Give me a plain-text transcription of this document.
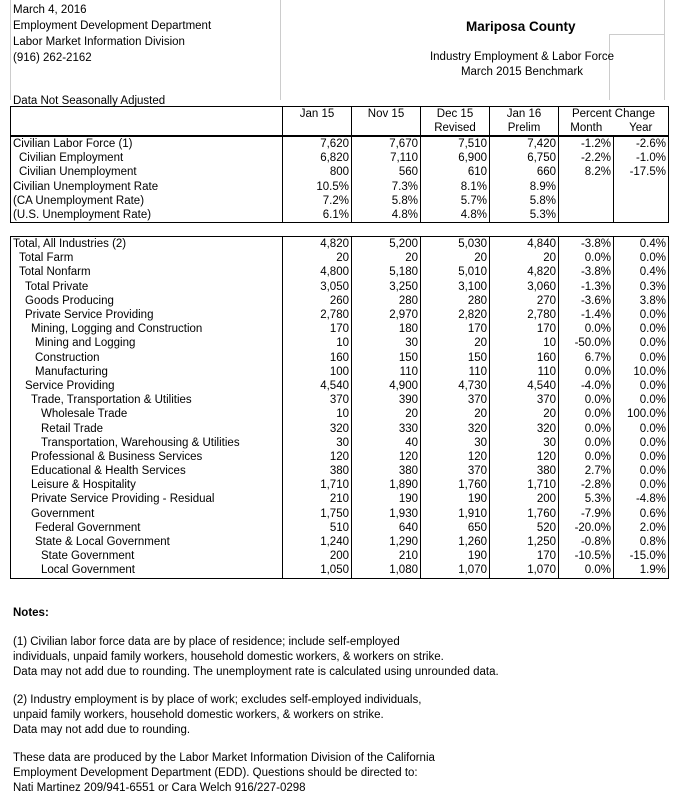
March 4, 2016
Employment Development Department
Labor Market Information Division
(916) 262-2162
Mariposa County
Industry Employment & Labor Force
March 2015 Benchmark
Data Not Seasonally Adjusted
	Jan 15	Nov 15	Dec 15	Jan 16	Percent Change	
			Revised	Prelim	Month	Year
Civilian Labor Force (1)	7,620	7,670	7,510	7,420	-1.2%	-2.6%
Civilian Employment	6,820	7,110	6,900	6,750	-2.2%	-1.0%
Civilian Unemployment	800	560	610	660	8.2%	-17.5%
Civilian Unemployment Rate	10.5%	7.3%	8.1%	8.9%		
(CA Unemployment Rate)	7.2%	5.8%	5.7%	5.8%		
(U.S. Unemployment Rate)	6.1%	4.8%	4.8%	5.3%		
Total, All Industries (2)	4,820	5,200	5,030	4,840	-3.8%	0.4%
Total Farm	20	20	20	20	0.0%	0.0%
Total Nonfarm	4,800	5,180	5,010	4,820	-3.8%	0.4%
Total Private	3,050	3,250	3,100	3,060	-1.3%	0.3%
Goods Producing	260	280	280	270	-3.6%	3.8%
Private Service Providing	2,780	2,970	2,820	2,780	-1.4%	0.0%
Mining, Logging and Construction	170	180	170	170	0.0%	0.0%
Mining and Logging	10	30	20	10	-50.0%	0.0%
Construction	160	150	150	160	6.7%	0.0%
Manufacturing	100	110	110	110	0.0%	10.0%
Service Providing	4,540	4,900	4,730	4,540	-4.0%	0.0%
Trade, Transportation & Utilities	370	390	370	370	0.0%	0.0%
Wholesale Trade	10	20	20	20	0.0%	100.0%
Retail Trade	320	330	320	320	0.0%	0.0%
Transportation, Warehousing & Utilities	30	40	30	30	0.0%	0.0%
Professional & Business Services	120	120	120	120	0.0%	0.0%
Educational & Health Services	380	380	370	380	2.7%	0.0%
Leisure & Hospitality	1,710	1,890	1,760	1,710	-2.8%	0.0%
Private Service Providing - Residual	210	190	190	200	5.3%	-4.8%
Government	1,750	1,930	1,910	1,760	-7.9%	0.6%
Federal Government	510	640	650	520	-20.0%	2.0%
State & Local Government	1,240	1,290	1,260	1,250	-0.8%	0.8%
State Government	200	210	190	170	-10.5%	-15.0%
Local Government	1,050	1,080	1,070	1,070	0.0%	1.9%
Notes:
(1) Civilian labor force data are by place of residence; include self-employed
individuals, unpaid family workers, household domestic workers, & workers on strike.
Data may not add due to rounding. The unemployment rate is calculated using unrounded data.
(2) Industry employment is by place of work; excludes self-employed individuals,
unpaid family workers, household domestic workers, & workers on strike.
Data may not add due to rounding.
These data are produced by the Labor Market Information Division of the California
Employment Development Department (EDD). Questions should be directed to:
Nati Martinez 209/941-6551 or Cara Welch 916/227-0298
